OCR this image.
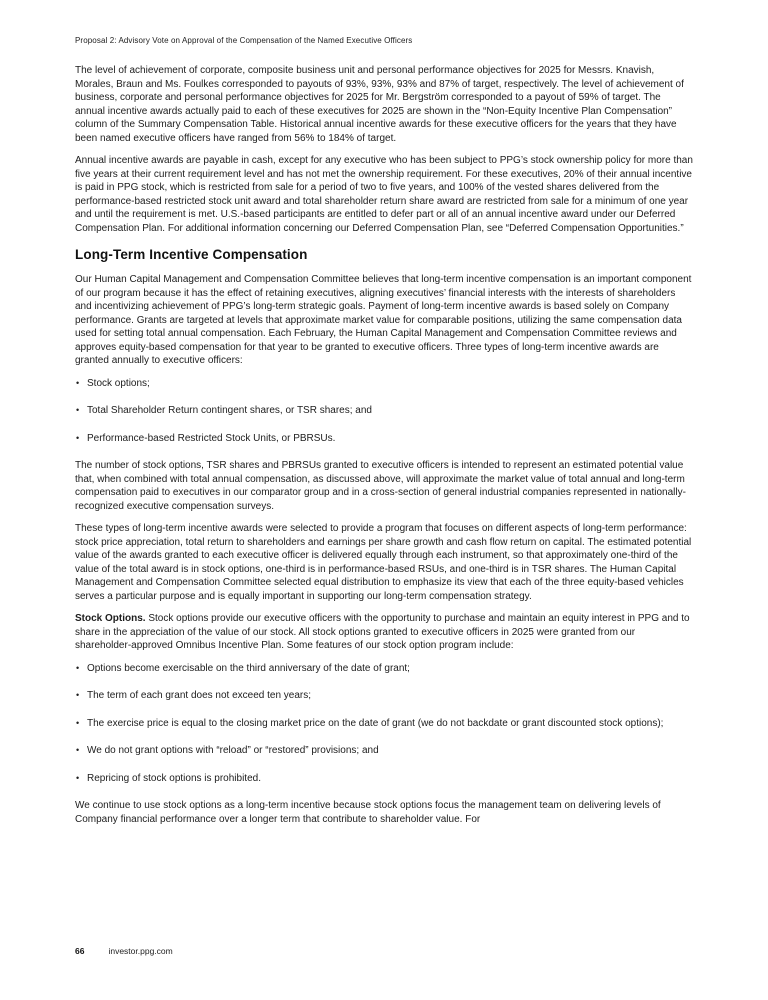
Proposal 2: Advisory Vote on Approval of the Compensation of the Named Executive Officers

The level of achievement of corporate, composite business unit and personal performance objectives for 2025 for Messrs. Knavish, Morales, Braun and Ms. Foulkes corresponded to payouts of 93%, 93%, 93% and 87% of target, respectively. The level of achievement of business, corporate and personal performance objectives for 2025 for Mr. Bergström corresponded to a payout of 59% of target. The annual incentive awards actually paid to each of these executives for 2025 are shown in the “Non-Equity Incentive Plan Compensation” column of the Summary Compensation Table. Historical annual incentive awards for these executive officers for the years that they have been named executive officers have ranged from 56% to 184% of target.

Annual incentive awards are payable in cash, except for any executive who has been subject to PPG’s stock ownership policy for more than five years at their current requirement level and has not met the ownership requirement. For these executives, 20% of their annual incentive is paid in PPG stock, which is restricted from sale for a period of two to five years, and 100% of the vested shares delivered from the performance-based restricted stock unit award and total shareholder return share award are restricted from sale for a minimum of one year and until the requirement is met. U.S.-based participants are entitled to defer part or all of an annual incentive award under our Deferred Compensation Plan. For additional information concerning our Deferred Compensation Plan, see “Deferred Compensation Opportunities.”

Long-Term Incentive Compensation

Our Human Capital Management and Compensation Committee believes that long-term incentive compensation is an important component of our program because it has the effect of retaining executives, aligning executives’ financial interests with the interests of shareholders and incentivizing achievement of PPG’s long-term strategic goals. Payment of long-term incentive awards is based solely on Company performance. Grants are targeted at levels that approximate market value for comparable positions, utilizing the same compensation data used for setting total annual compensation. Each February, the Human Capital Management and Compensation Committee reviews and approves equity-based compensation for that year to be granted to executive officers. Three types of long-term incentive awards are granted annually to executive officers:

• Stock options;
• Total Shareholder Return contingent shares, or TSR shares; and
• Performance-based Restricted Stock Units, or PBRSUs.

The number of stock options, TSR shares and PBRSUs granted to executive officers is intended to represent an estimated potential value that, when combined with total annual compensation, as discussed above, will approximate the market value of total annual and long-term compensation paid to executives in our comparator group and in a cross-section of general industrial companies represented in nationally-recognized executive compensation surveys.

These types of long-term incentive awards were selected to provide a program that focuses on different aspects of long-term performance: stock price appreciation, total return to shareholders and earnings per share growth and cash flow return on capital. The estimated potential value of the awards granted to each executive officer is delivered equally through each instrument, so that approximately one-third of the value of the total award is in stock options, one-third is in performance-based RSUs, and one-third is in TSR shares. The Human Capital Management and Compensation Committee selected equal distribution to emphasize its view that each of the three equity-based vehicles serves a particular purpose and is equally important in supporting our long-term compensation strategy.

Stock Options. Stock options provide our executive officers with the opportunity to purchase and maintain an equity interest in PPG and to share in the appreciation of the value of our stock. All stock options granted to executive officers in 2025 were granted from our shareholder-approved Omnibus Incentive Plan. Some features of our stock option program include:

• Options become exercisable on the third anniversary of the date of grant;
• The term of each grant does not exceed ten years;
• The exercise price is equal to the closing market price on the date of grant (we do not backdate or grant discounted stock options);
• We do not grant options with “reload” or “restored” provisions; and
• Repricing of stock options is prohibited.

We continue to use stock options as a long-term incentive because stock options focus the management team on delivering levels of Company financial performance over a longer term that contribute to shareholder value. For

66	investor.ppg.com
